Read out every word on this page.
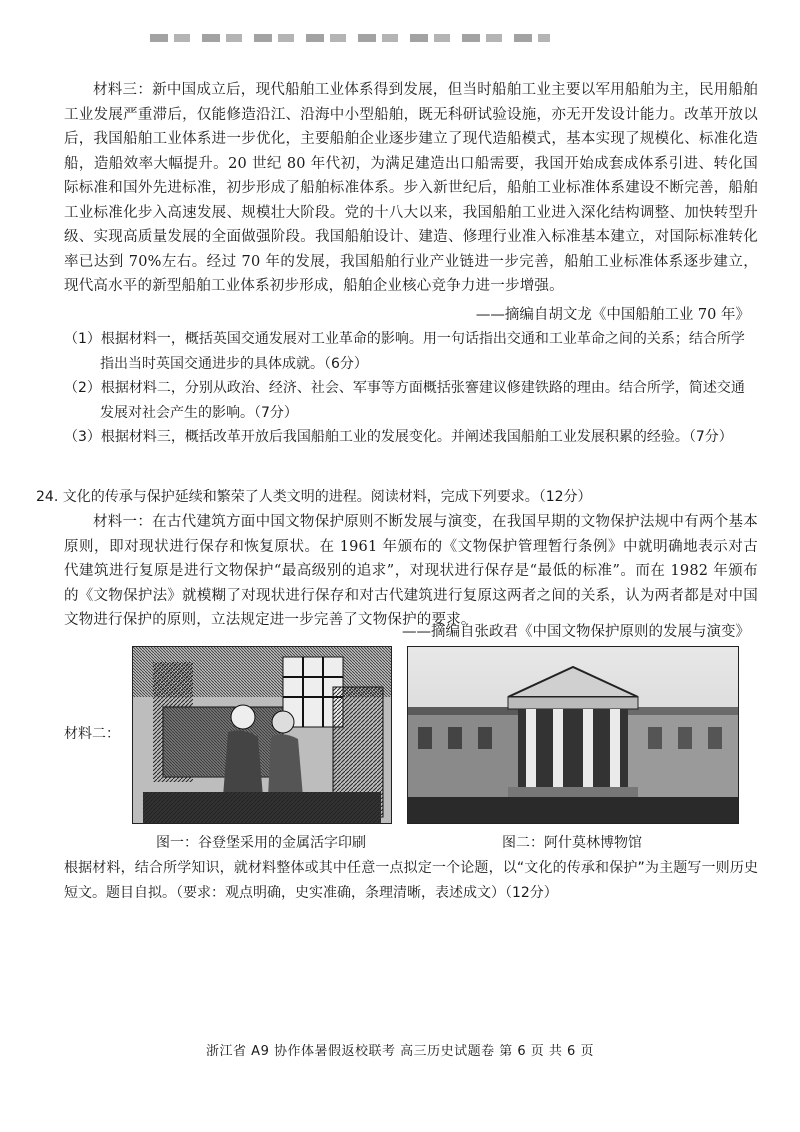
材料三：新中国成立后，现代船舶工业体系得到发展，但当时船舶工业主要以军用船舶为主，民用船舶工业发展严重滞后，仅能修造沿江、沿海中小型船舶，既无科研试验设施，亦无开发设计能力。改革开放以后，我国船舶工业体系进一步优化，主要船舶企业逐步建立了现代造船模式，基本实现了规模化、标准化造船，造船效率大幅提升。20 世纪 80 年代初，为满足建造出口船需要，我国开始成套成体系引进、转化国际标准和国外先进标准，初步形成了船舶标准体系。步入新世纪后，船舶工业标准体系建设不断完善，船舶工业标准化步入高速发展、规模壮大阶段。党的十八大以来，我国船舶工业进入深化结构调整、加快转型升级、实现高质量发展的全面做强阶段。我国船舶设计、建造、修理行业准入标准基本建立，对国际标准转化率已达到 70%左右。经过 70 年的发展，我国船舶行业产业链进一步完善，船舶工业标准体系逐步建立，现代高水平的新型船舶工业体系初步形成，船舶企业核心竞争力进一步增强。
——摘编自胡文龙《中国船舶工业 70 年》
（1）根据材料一，概括英国交通发展对工业革命的影响。用一句话指出交通和工业革命之间的关系；结合所学指出当时英国交通进步的具体成就。（6分）
（2）根据材料二，分别从政治、经济、社会、军事等方面概括张謇建议修建铁路的理由。结合所学，简述交通发展对社会产生的影响。（7分）
（3）根据材料三，概括改革开放后我国船舶工业的发展变化。并阐述我国船舶工业发展积累的经验。（7分）
24. 文化的传承与保护延续和繁荣了人类文明的进程。阅读材料，完成下列要求。（12分）
材料一：在古代建筑方面中国文物保护原则不断发展与演变，在我国早期的文物保护法规中有两个基本原则，即对现状进行保存和恢复原状。在 1961 年颁布的《文物保护管理暂行条例》中就明确地表示对古代建筑进行复原是进行文物保护“最高级别的追求”，对现状进行保存是“最低的标准”。而在 1982 年颁布的《文物保护法》就模糊了对现状进行保存和对古代建筑进行复原这两者之间的关系，认为两者都是对中国文物进行保护的原则，立法规定进一步完善了文物保护的要求。
——摘编自张政君《中国文物保护原则的发展与演变》
材料二：
图一：谷登堡采用的金属活字印刷	图二：阿什莫林博物馆
根据材料，结合所学知识，就材料整体或其中任意一点拟定一个论题，以“文化的传承和保护”为主题写一则历史短文。题目自拟。（要求：观点明确，史实准确，条理清晰，表述成文）（12分）
浙江省 A9 协作体暑假返校联考 高三历史试题卷 第 6 页 共 6 页
